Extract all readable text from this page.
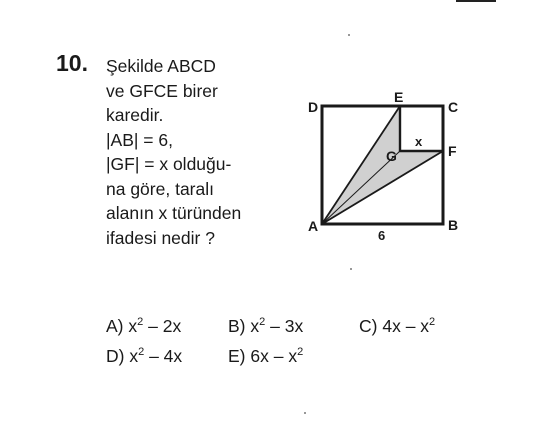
10. Şekilde ABCD
ve GFCE birer
karedir.
|AB| = 6,
|GF| = x olduğu-
na göre, taralı
alanın x türünden
ifadesi nedir ?
D
E
C
x
G	F
A	B
6
A) $x^2 - 2x$	B) $x^2 - 3x$	C) $4x - x^2$
D) $x^2 - 4x$	E) $6x - x^2$
